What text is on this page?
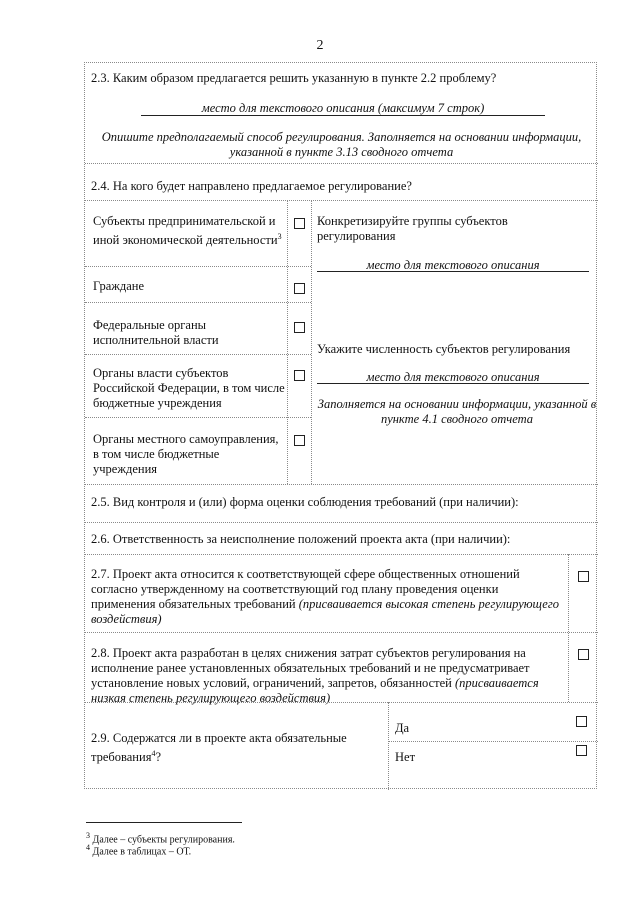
2
2.3. Каким образом предлагается решить указанную в пункте 2.2 проблему?
место для текстового описания (максимум 7 строк)
Опишите предполагаемый способ регулирования. Заполняется на основании информации,
указанной в пункте 3.13 сводного отчета
2.4. На кого будет направлено предлагаемое регулирование?
Субъекты предпринимательской и иной экономической деятельности$^3$
Граждане
Федеральные органы исполнительной власти
Органы власти субъектов Российской Федерации, в том числе бюджетные учреждения
Органы местного самоуправления, в том числе бюджетные учреждения
Конкретизируйте группы субъектов регулирования
место для текстового описания
Укажите численность субъектов регулирования
место для текстового описания
Заполняется на основании информации, указанной в пункте 4.1 сводного отчета
2.5. Вид контроля и (или) форма оценки соблюдения требований (при наличии):
2.6. Ответственность за неисполнение положений проекта акта (при наличии):
2.7. Проект акта относится к соответствующей сфере общественных отношений согласно утвержденному на соответствующий год плану проведения оценки применения обязательных требований (присваивается высокая степень регулирующего воздействия)
2.8. Проект акта разработан в целях снижения затрат субъектов регулирования на исполнение ранее установленных обязательных требований и не предусматривает установление новых условий, ограничений, запретов, обязанностей (присваивается низкая степень регулирующего воздействия)
2.9. Содержатся ли в проекте акта обязательные требования$^4$?
Да
Нет
$^3$ Далее – субъекты регулирования.
$^4$ Далее в таблицах – ОТ.
